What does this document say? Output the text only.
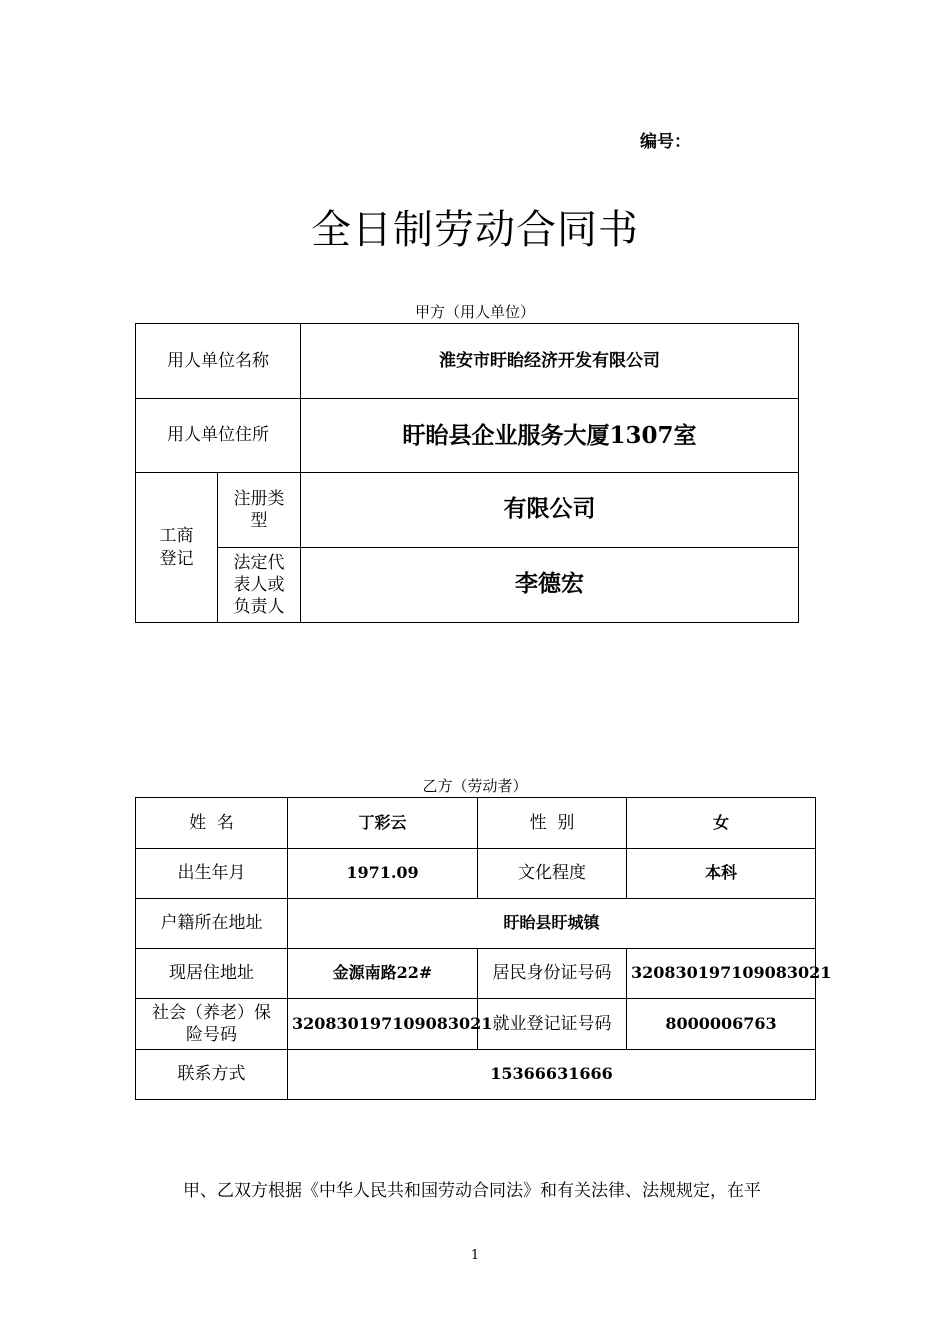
编号：
全日制劳动合同书
甲方（用人单位）
用人单位名称		淮安市盱眙经济开发有限公司
用人单位住所		盱眙县企业服务大厦1307室
工商登记	注册类型	有限公司
	法定代表人或负责人	李德宏
乙方（劳动者）
姓  名	丁彩云	性  别	女
出生年月	1971.09	文化程度	本科
户籍所在地址	盱眙县盱城镇		
现居住地址	金源南路22#	居民身份证号码	320830197109083021
社会（养老）保险号码	320830197109083021	就业登记证号码	8000006763
联系方式	15366631666		
甲、乙双方根据《中华人民共和国劳动合同法》和有关法律、法规规定，在平
1
